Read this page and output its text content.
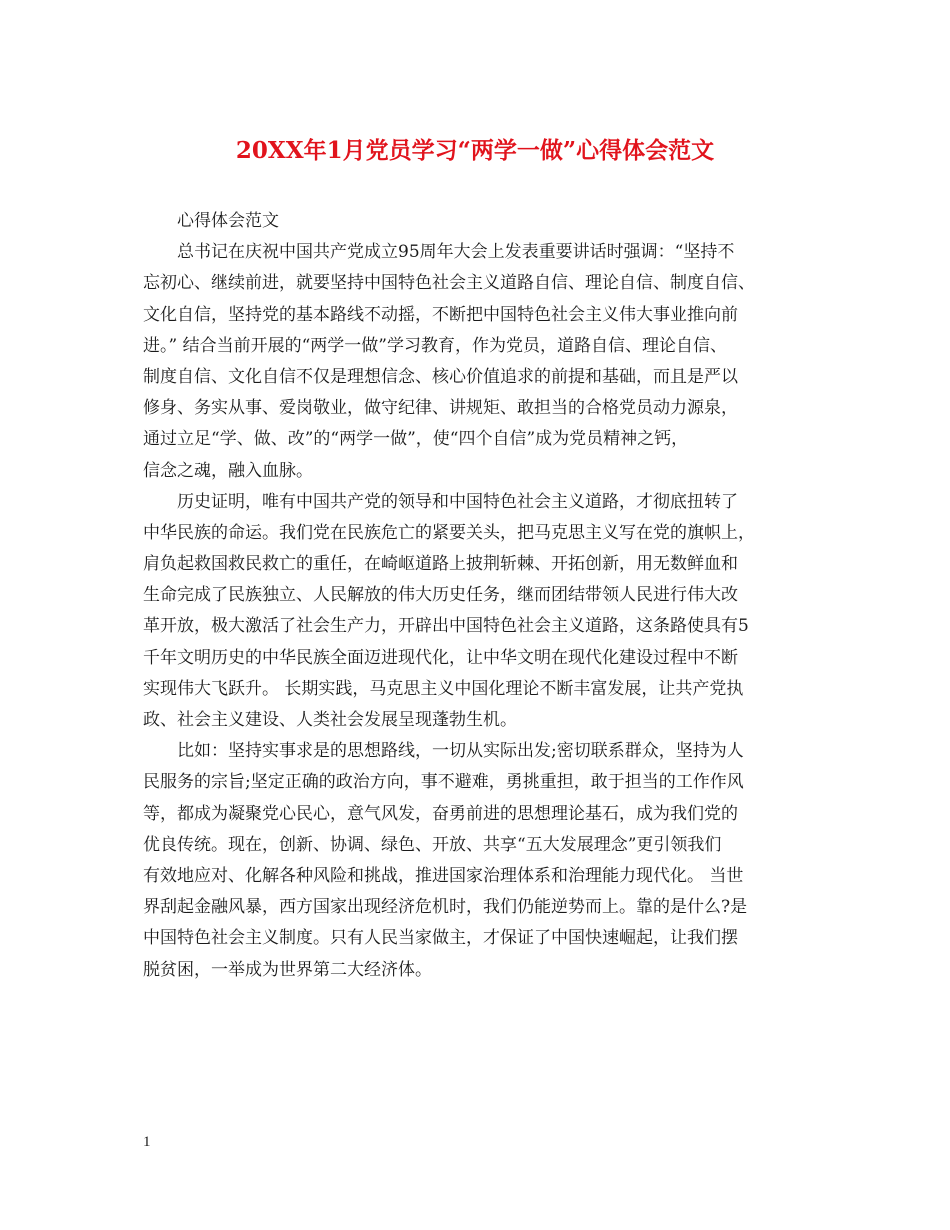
20XX年1月党员学习“两学一做”心得体会范文
心得体会范文
总书记在庆祝中国共产党成立95周年大会上发表重要讲话时强调：“坚持不
忘初心、继续前进，就要坚持中国特色社会主义道路自信、理论自信、制度自信、
文化自信，坚持党的基本路线不动摇，不断把中国特色社会主义伟大事业推向前
进。” 结合当前开展的“两学一做”学习教育，作为党员，道路自信、理论自信、
制度自信、文化自信不仅是理想信念、核心价值追求的前提和基础，而且是严以
修身、务实从事、爱岗敬业，做守纪律、讲规矩、敢担当的合格党员动力源泉，
通过立足“学、做、改”的“两学一做”，使“四个自信”成为党员精神之钙，
信念之魂，融入血脉。
历史证明，唯有中国共产党的领导和中国特色社会主义道路，才彻底扭转了
中华民族的命运。我们党在民族危亡的紧要关头，把马克思主义写在党的旗帜上，
肩负起救国救民救亡的重任，在崎岖道路上披荆斩棘、开拓创新，用无数鲜血和
生命完成了民族独立、人民解放的伟大历史任务，继而团结带领人民进行伟大改
革开放，极大激活了社会生产力，开辟出中国特色社会主义道路，这条路使具有5
千年文明历史的中华民族全面迈进现代化，让中华文明在现代化建设过程中不断
实现伟大飞跃升。 长期实践，马克思主义中国化理论不断丰富发展，让共产党执
政、社会主义建设、人类社会发展呈现蓬勃生机。
比如：坚持实事求是的思想路线，一切从实际出发;密切联系群众，坚持为人
民服务的宗旨;坚定正确的政治方向，事不避难，勇挑重担，敢于担当的工作作风
等，都成为凝聚党心民心，意气风发，奋勇前进的思想理论基石，成为我们党的
优良传统。现在，创新、协调、绿色、开放、共享“五大发展理念”更引领我们
有效地应对、化解各种风险和挑战，推进国家治理体系和治理能力现代化。 当世
界刮起金融风暴，西方国家出现经济危机时，我们仍能逆势而上。靠的是什么?是
中国特色社会主义制度。只有人民当家做主，才保证了中国快速崛起，让我们摆
脱贫困，一举成为世界第二大经济体。
1
